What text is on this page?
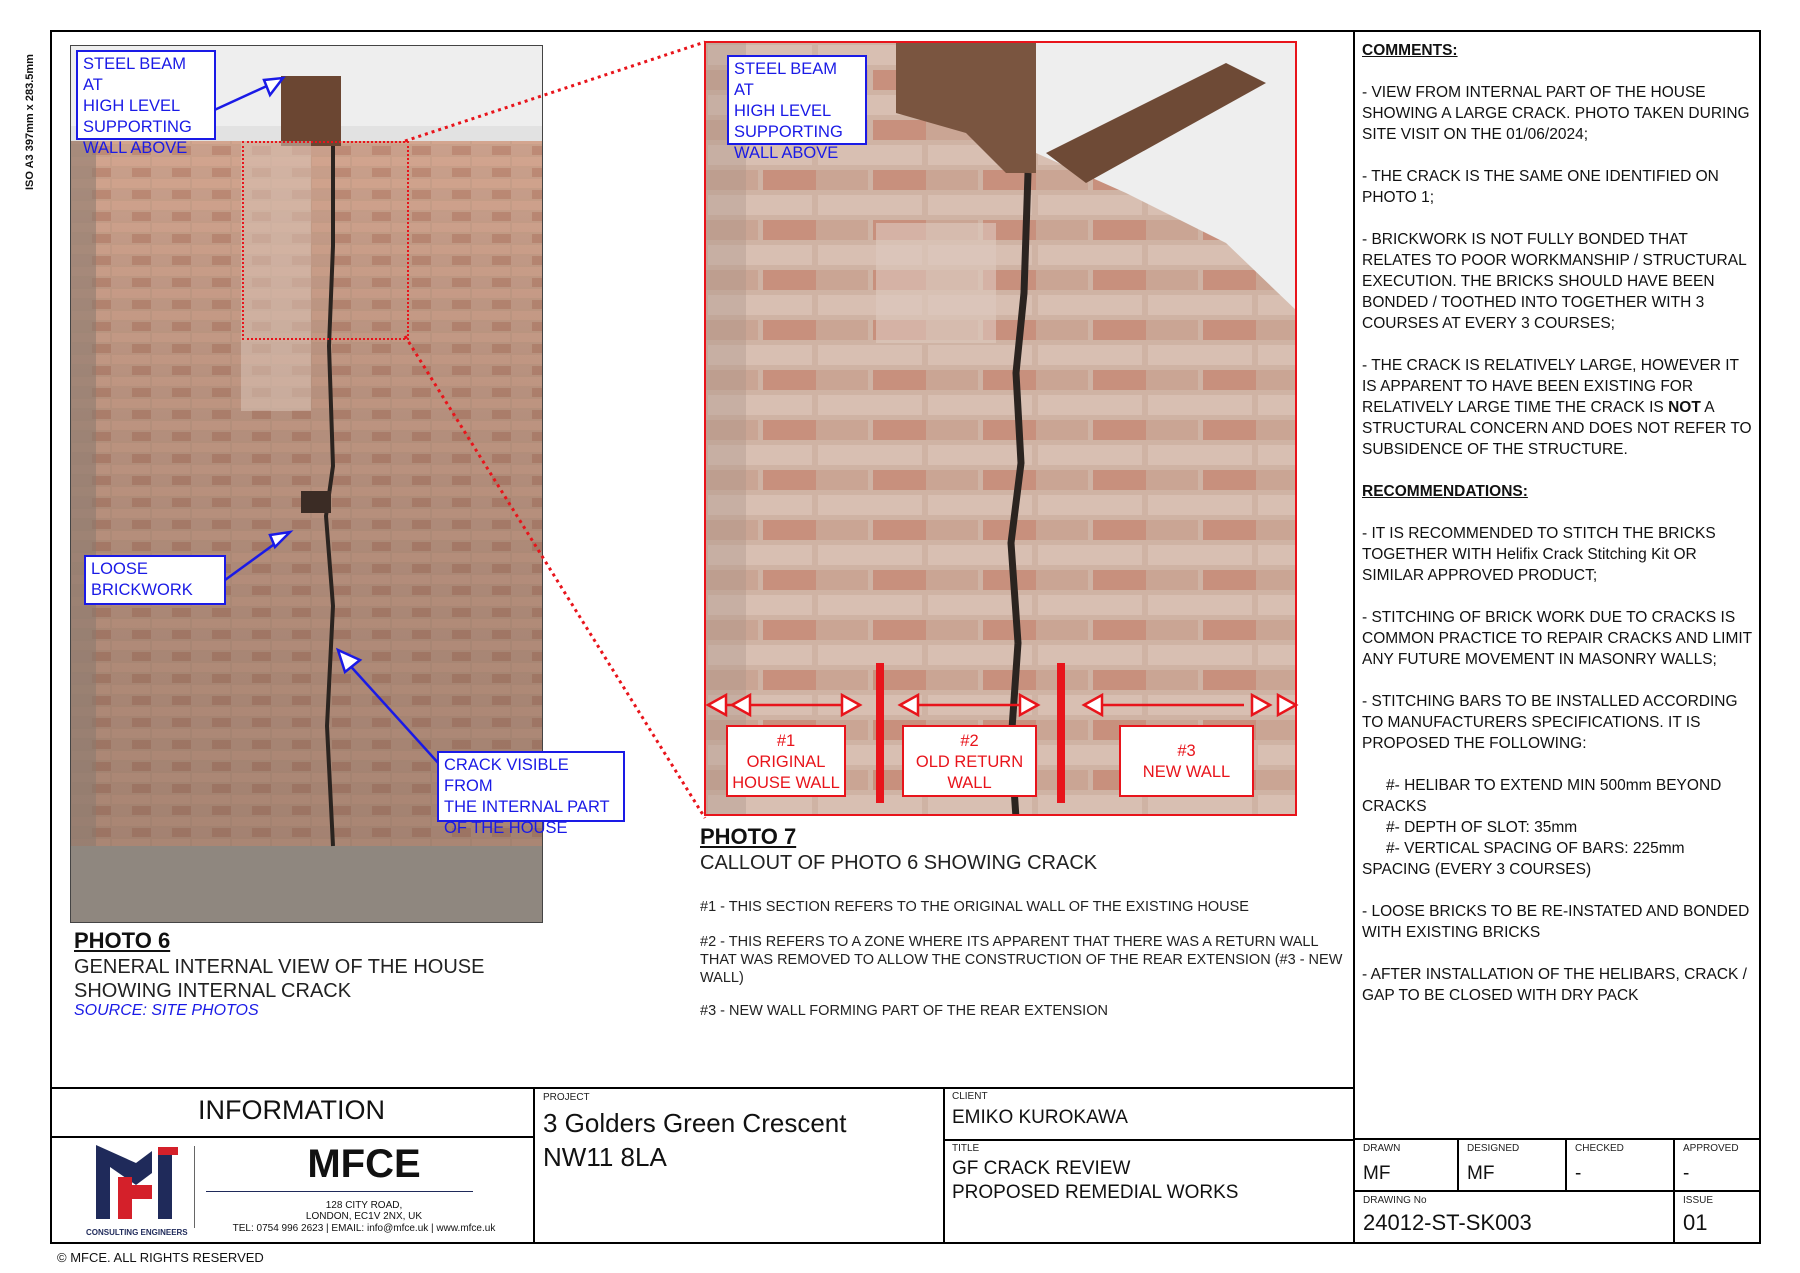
ISO A3 397mm x 283.5mm	STEEL BEAM AT
HIGH LEVEL
SUPPORTING
WALL ABOVE
LOOSE
BRICKWORK
CRACK VISIBLE FROM
THE INTERNAL PART
OF THE HOUSE
PHOTO 6
GENERAL INTERNAL VIEW OF THE HOUSE
SHOWING INTERNAL CRACK
SOURCE: SITE PHOTOS
STEEL BEAM AT
HIGH LEVEL
SUPPORTING
WALL ABOVE
#1
ORIGINAL
HOUSE WALL
#2
OLD RETURN
WALL
#3
NEW WALL
PHOTO 7
CALLOUT OF PHOTO 6 SHOWING CRACK
#1 - THIS SECTION REFERS TO THE ORIGINAL WALL OF THE EXISTING HOUSE
#2 - THIS REFERS TO A ZONE WHERE ITS APPARENT THAT THERE WAS A RETURN WALL THAT WAS REMOVED TO ALLOW THE CONSTRUCTION OF THE REAR EXTENSION (#3 - NEW WALL)
#3 - NEW WALL FORMING PART OF THE REAR EXTENSION
COMMENTS:

- VIEW FROM INTERNAL PART OF THE HOUSE SHOWING A LARGE CRACK. PHOTO TAKEN DURING SITE VISIT ON THE 01/06/2024;

- THE CRACK IS THE SAME ONE IDENTIFIED ON PHOTO 1;

- BRICKWORK IS NOT FULLY BONDED THAT RELATES TO POOR WORKMANSHIP / STRUCTURAL EXECUTION. THE BRICKS SHOULD HAVE BEEN BONDED / TOOTHED INTO TOGETHER WITH 3 COURSES AT EVERY 3 COURSES;

- THE CRACK IS RELATIVELY LARGE, HOWEVER IT IS APPARENT TO HAVE BEEN EXISTING FOR RELATIVELY LARGE TIME THE CRACK IS NOT A STRUCTURAL CONCERN AND DOES NOT REFER TO SUBSIDENCE OF THE STRUCTURE.

RECOMMENDATIONS:

- IT IS RECOMMENDED TO STITCH THE BRICKS TOGETHER WITH Helifix Crack Stitching Kit OR SIMILAR APPROVED PRODUCT;

- STITCHING OF BRICK WORK DUE TO CRACKS IS COMMON PRACTICE TO REPAIR CRACKS AND LIMIT ANY FUTURE MOVEMENT IN MASONRY WALLS;

- STITCHING BARS TO BE INSTALLED ACCORDING TO MANUFACTURERS SPECIFICATIONS. IT IS PROPOSED THE FOLLOWING:

#- HELIBAR TO EXTEND MIN 500mm BEYOND
CRACKS
#- DEPTH OF SLOT: 35mm
#- VERTICAL SPACING OF BARS: 225mm
SPACING (EVERY 3 COURSES)

- LOOSE BRICKS TO BE RE-INSTATED AND BONDED WITH EXISTING BRICKS

- AFTER INSTALLATION OF THE HELIBARS, CRACK / GAP TO BE CLOSED WITH DRY PACK

INFORMATION
CONSULTING ENGINEERS
MFCE
128 CITY ROAD,
LONDON, EC1V 2NX, UK
TEL: 0754 996 2623 | EMAIL: info@mfce.uk | www.mfce.uk
PROJECT
3 Golders Green Crescent
NW11 8LA
CLIENT
EMIKO KUROKAWA
TITLE
GF CRACK REVIEW
PROPOSED REMEDIAL WORKS
DRAWN
MF
DESIGNED
MF
CHECKED
-
APPROVED
-
DRAWING No
24012-ST-SK003
ISSUE
01
© MFCE. ALL RIGHTS RESERVED
